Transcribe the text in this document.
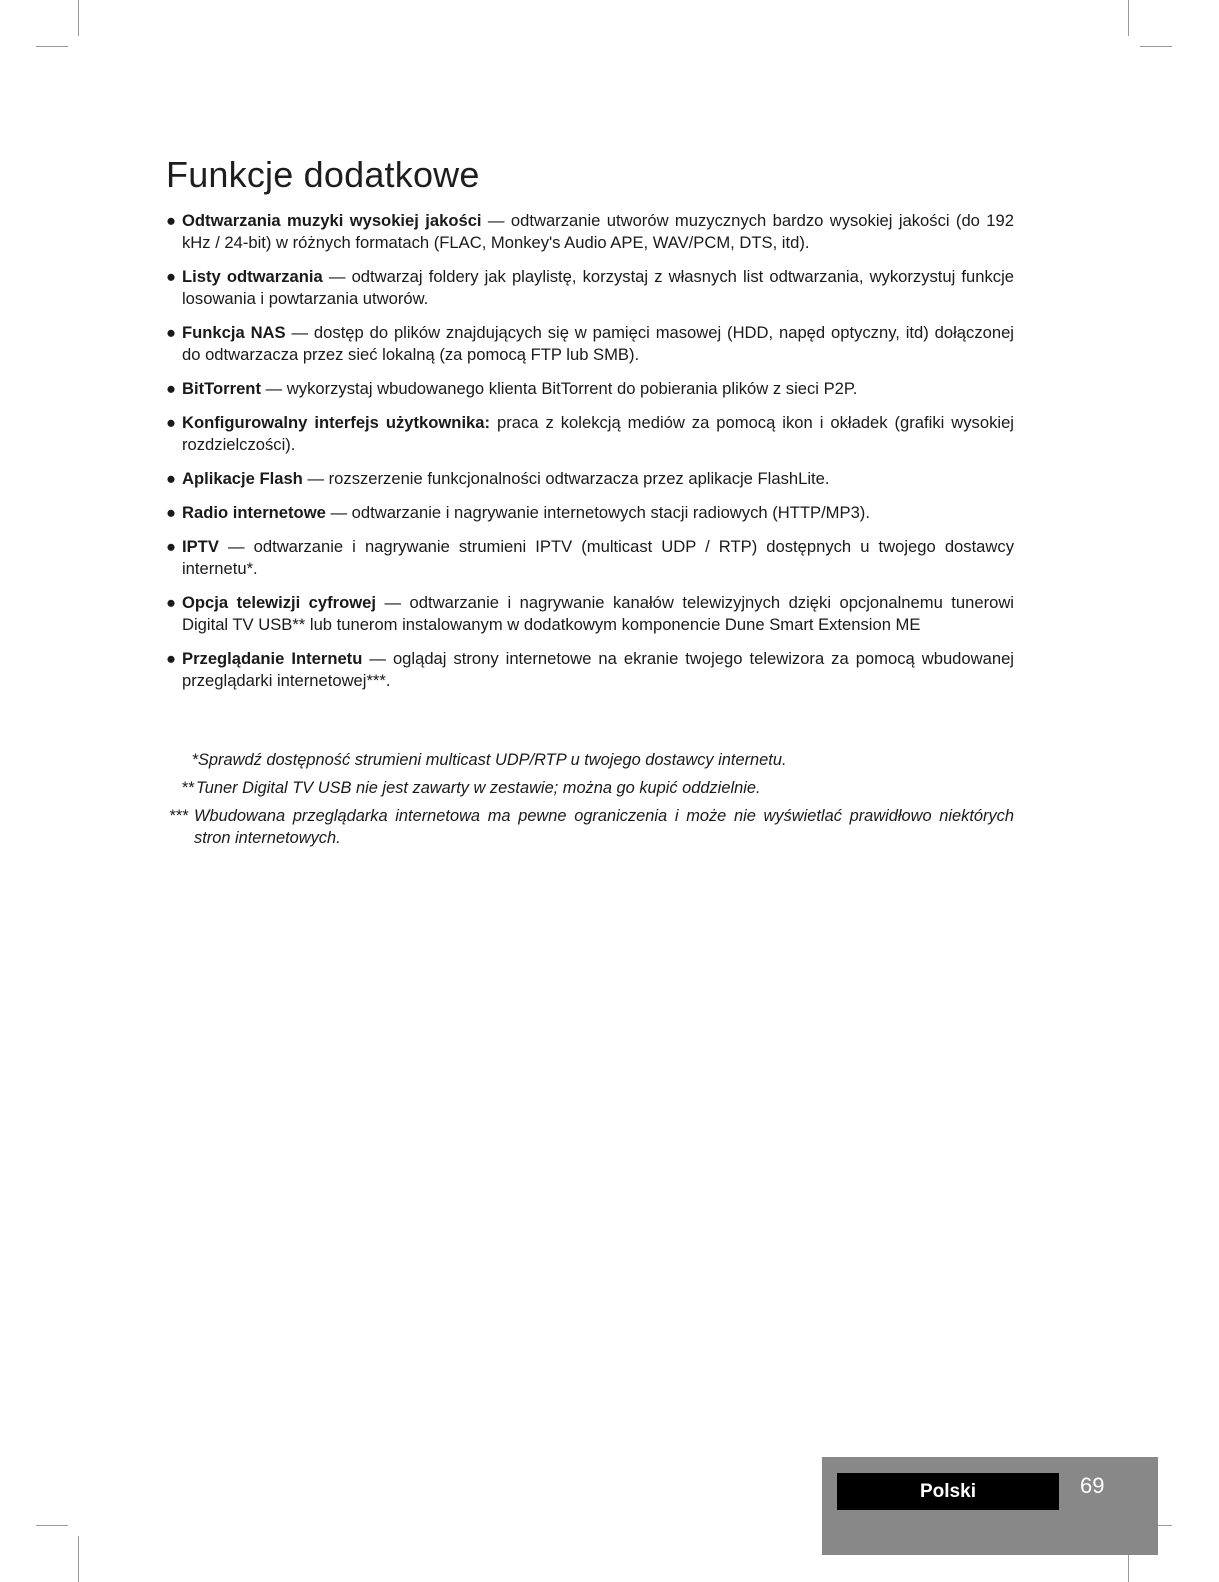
Funkcje dodatkowe
● Odtwarzania muzyki wysokiej jakości — odtwarzanie utworów muzycznych bardzo wysokiej jakości (do 192 kHz / 24-bit) w różnych formatach (FLAC, Monkey's Audio APE, WAV/PCM, DTS, itd).
● Listy odtwarzania — odtwarzaj foldery jak playlistę, korzystaj z własnych list odtwarzania, wykorzystuj funkcje losowania i powtarzania utworów.
● Funkcja NAS — dostęp do plików znajdujących się w pamięci masowej (HDD, napęd optyczny, itd) dołączonej do odtwarzacza przez sieć lokalną (za pomocą FTP lub SMB).
● BitTorrent — wykorzystaj wbudowanego klienta BitTorrent do pobierania plików z sieci P2P.
● Konfigurowalny interfejs użytkownika: praca z kolekcją mediów za pomocą ikon i okładek (grafiki wysokiej rozdzielczości).
● Aplikacje Flash — rozszerzenie funkcjonalności odtwarzacza przez aplikacje FlashLite.
● Radio internetowe — odtwarzanie i nagrywanie internetowych stacji radiowych (HTTP/MP3).
● IPTV — odtwarzanie i nagrywanie strumieni IPTV (multicast UDP / RTP) dostępnych u twojego dostawcy internetu*.
● Opcja telewizji cyfrowej — odtwarzanie i nagrywanie kanałów telewizyjnych dzięki opcjonalnemu tunerowi Digital TV USB** lub tunerom instalowanym w dodatkowym komponencie Dune Smart Extension ME
● Przeglądanie Internetu — oglądaj strony internetowe na ekranie twojego telewizora za pomocą wbudowanej przeglądarki internetowej***.
* Sprawdź dostępność strumieni multicast UDP/RTP u twojego dostawcy internetu.
** Tuner Digital TV USB nie jest zawarty w zestawie; można go kupić oddzielnie.
*** Wbudowana przeglądarka internetowa ma pewne ograniczenia i może nie wyświetlać prawidłowo niektórych stron internetowych.
Polski	69
